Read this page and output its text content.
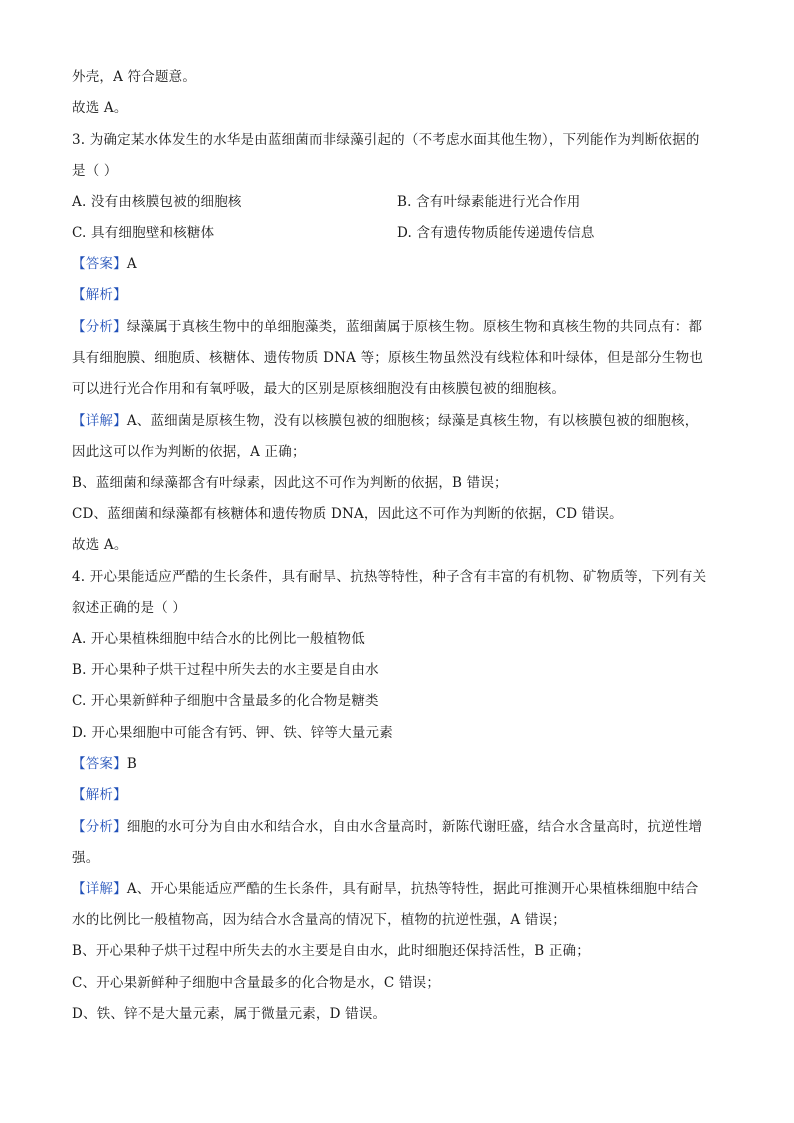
外壳，A 符合题意。
故选 A。
3. 为确定某水体发生的水华是由蓝细菌而非绿藻引起的（不考虑水面其他生物），下列能作为判断依据的
是（ ）
A. 没有由核膜包被的细胞核	B. 含有叶绿素能进行光合作用
C. 具有细胞壁和核糖体	D. 含有遗传物质能传递遗传信息
【答案】A
【解析】
【分析】绿藻属于真核生物中的单细胞藻类，蓝细菌属于原核生物。原核生物和真核生物的共同点有：都
具有细胞膜、细胞质、核糖体、遗传物质 DNA 等；原核生物虽然没有线粒体和叶绿体，但是部分生物也
可以进行光合作用和有氧呼吸，最大的区别是原核细胞没有由核膜包被的细胞核。
【详解】A、蓝细菌是原核生物，没有以核膜包被的细胞核；绿藻是真核生物，有以核膜包被的细胞核，
因此这可以作为判断的依据，A 正确；
B、蓝细菌和绿藻都含有叶绿素，因此这不可作为判断的依据，B 错误；
CD、蓝细菌和绿藻都有核糖体和遗传物质 DNA，因此这不可作为判断的依据，CD 错误。
故选 A。
4. 开心果能适应严酷的生长条件，具有耐旱、抗热等特性，种子含有丰富的有机物、矿物质等，下列有关
叙述正确的是（ ）
A. 开心果植株细胞中结合水的比例比一般植物低
B. 开心果种子烘干过程中所失去的水主要是自由水
C. 开心果新鲜种子细胞中含量最多的化合物是糖类
D. 开心果细胞中可能含有钙、钾、铁、锌等大量元素
【答案】B
【解析】
【分析】细胞的水可分为自由水和结合水，自由水含量高时，新陈代谢旺盛，结合水含量高时，抗逆性增
强。
【详解】A、开心果能适应严酷的生长条件，具有耐旱，抗热等特性，据此可推测开心果植株细胞中结合
水的比例比一般植物高，因为结合水含量高的情况下，植物的抗逆性强，A 错误；
B、开心果种子烘干过程中所失去的水主要是自由水，此时细胞还保持活性，B 正确；
C、开心果新鲜种子细胞中含量最多的化合物是水，C 错误；
D、铁、锌不是大量元素，属于微量元素，D 错误。
